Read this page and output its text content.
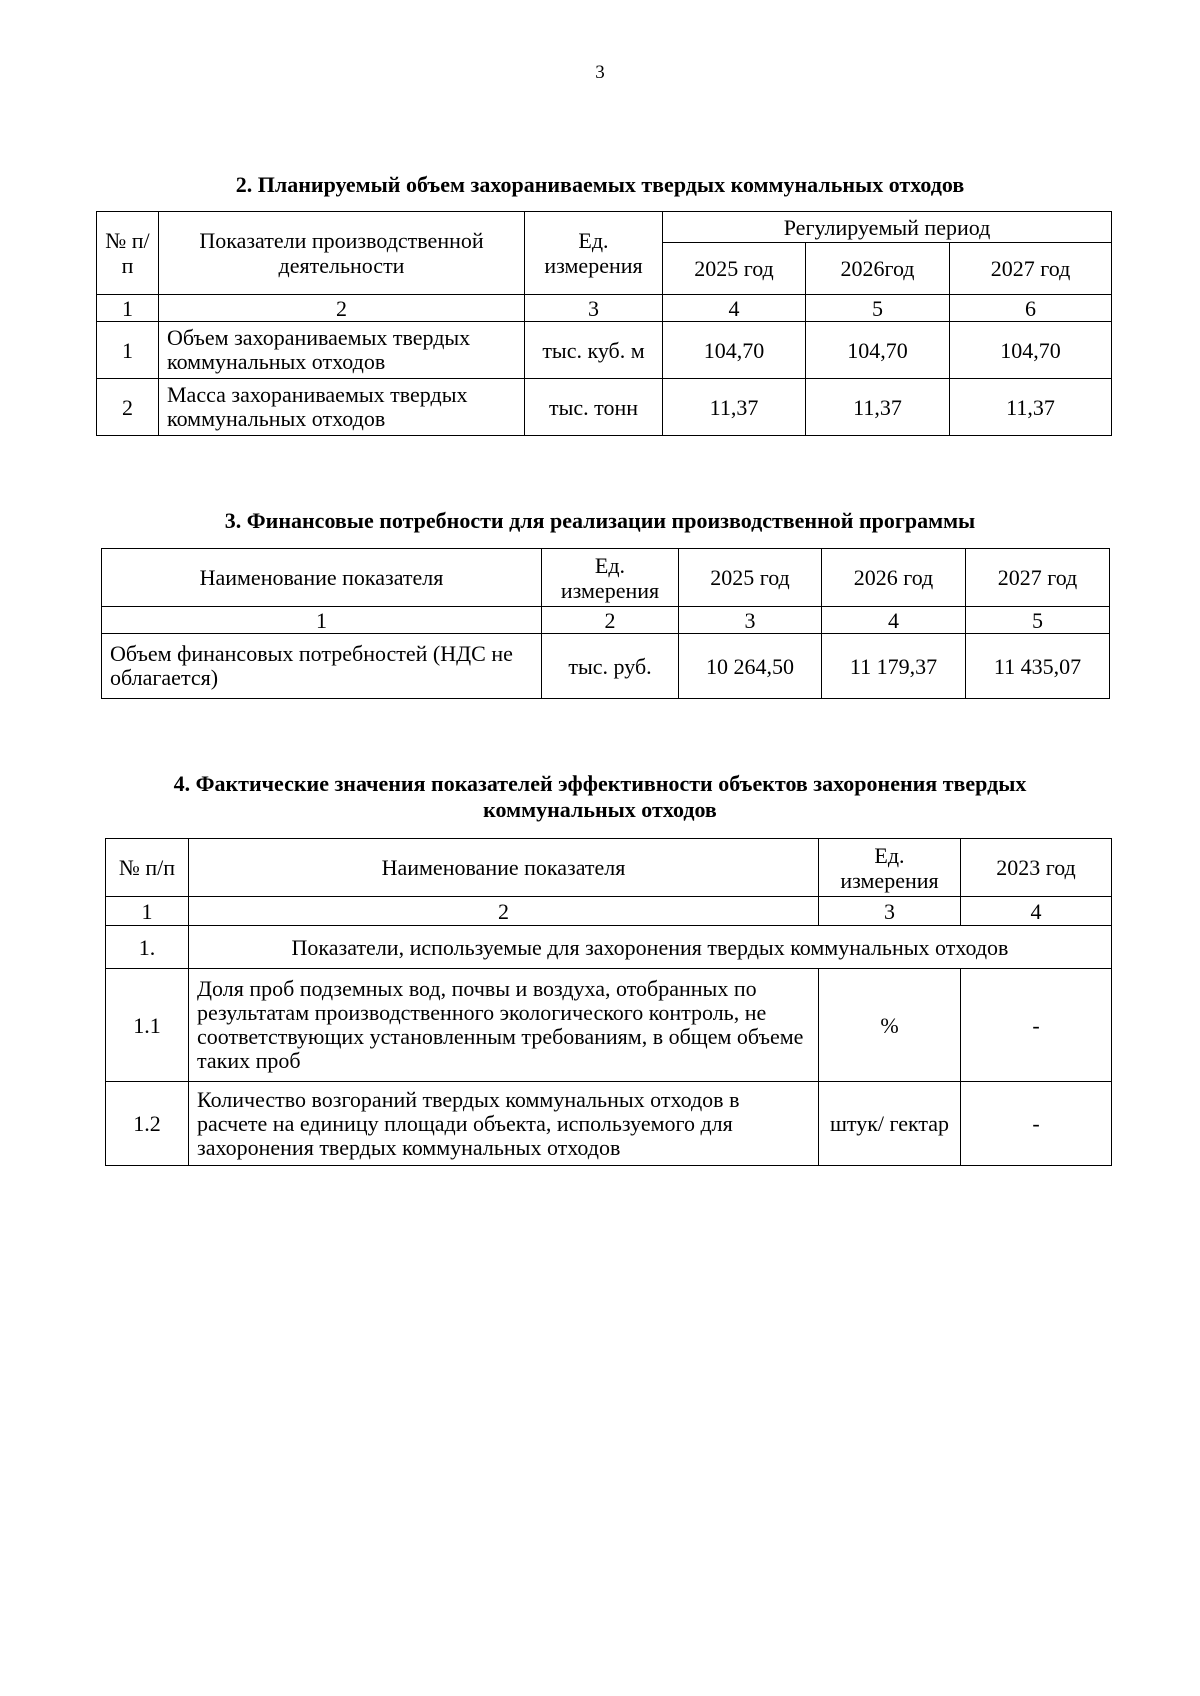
3
2. Планируемый объем захораниваемых твердых коммунальных отходов
№ п/п	Показатели производственной деятельности	Ед. измерения	Регулируемый период		
			2025 год	2026год	2027 год
1	2	3	4	5	6
1	Объем захораниваемых твердых коммунальных отходов	тыс. куб. м	104,70	104,70	104,70
2	Масса захораниваемых твердых коммунальных отходов	тыс. тонн	11,37	11,37	11,37
3. Финансовые потребности для реализации производственной программы
Наименование показателя	Ед. измерения	2025 год	2026 год	2027 год
1	2	3	4	5
Объем финансовых потребностей (НДС не облагается)	тыс. руб.	10 264,50	11 179,37	11 435,07
4. Фактические значения показателей эффективности объектов захоронения твердых коммунальных отходов
№ п/п	Наименование показателя	Ед. измерения	2023 год
1	2	3	4
1.	Показатели, используемые для захоронения твердых коммунальных отходов		
1.1	Доля проб подземных вод, почвы и воздуха, отобранных по результатам производственного экологического контроль, не соответствующих установленным требованиям, в общем объеме таких проб	%	-
1.2	Количество возгораний твердых коммунальных отходов в расчете на единицу площади объекта, используемого для захоронения твердых коммунальных отходов	штук/ гектар	-
